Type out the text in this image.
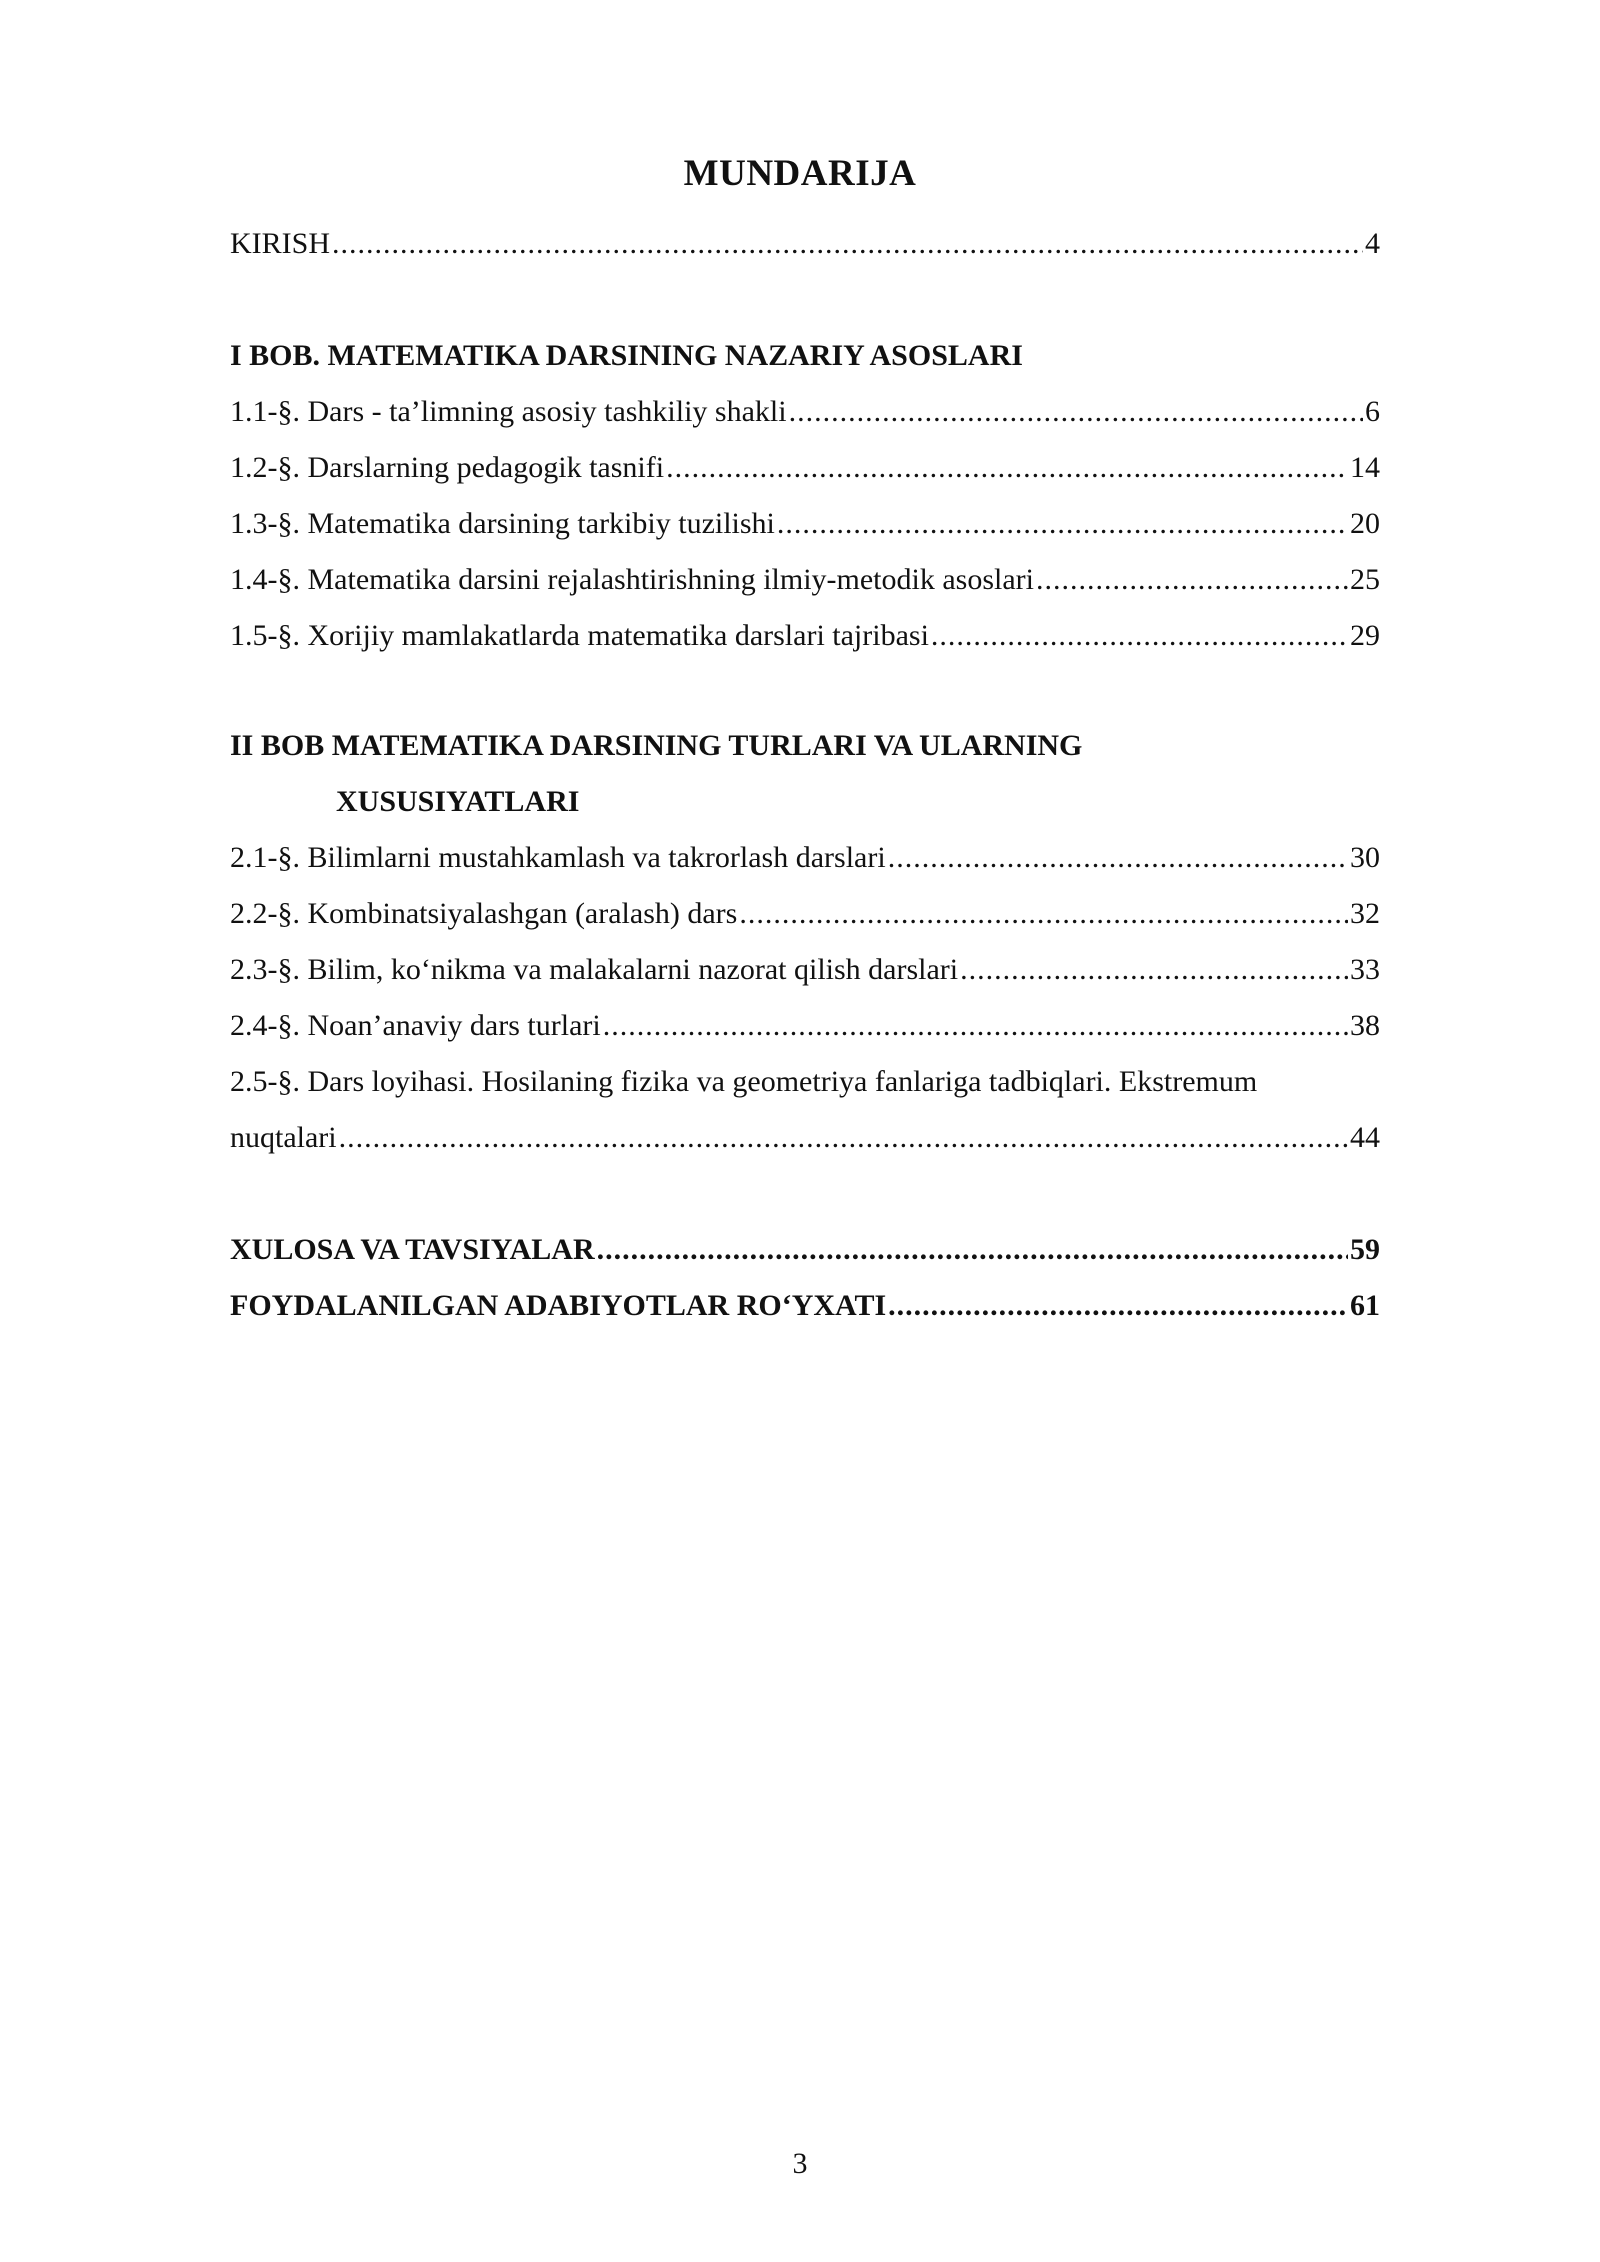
MUNDARIJA
KIRISH .....	4
I BOB. MATEMATIKA DARSINING NAZARIY ASOSLARI
1.1-§. Dars - ta’limning asosiy tashkiliy shakli .....	6
1.2-§. Darslarning pedagogik tasnifi .....	14
1.3-§. Matematika darsining tarkibiy tuzilishi .....	20
1.4-§. Matematika darsini rejalashtirishning ilmiy-metodik asoslari .....	25
1.5-§. Xorijiy mamlakatlarda matematika darslari tajribasi .....	29
II BOB MATEMATIKA DARSINING TURLARI VA ULARNING
XUSUSIYATLARI
2.1-§. Bilimlarni mustahkamlash va takrorlash darslari .....	30
2.2-§. Kombinatsiyalashgan (aralash) dars .....	32
2.3-§. Bilim, ko‘nikma va malakalarni nazorat qilish darslari .....	33
2.4-§. Noan’anaviy dars turlari .....	38
2.5-§. Dars loyihasi. Hosilaning fizika va geometriya fanlariga tadbiqlari. Ekstremum
nuqtalari .....	44
XULOSA VA TAVSIYALAR .....	59
FOYDALANILGAN ADABIYOTLAR RO‘YXATI .....	61
3
